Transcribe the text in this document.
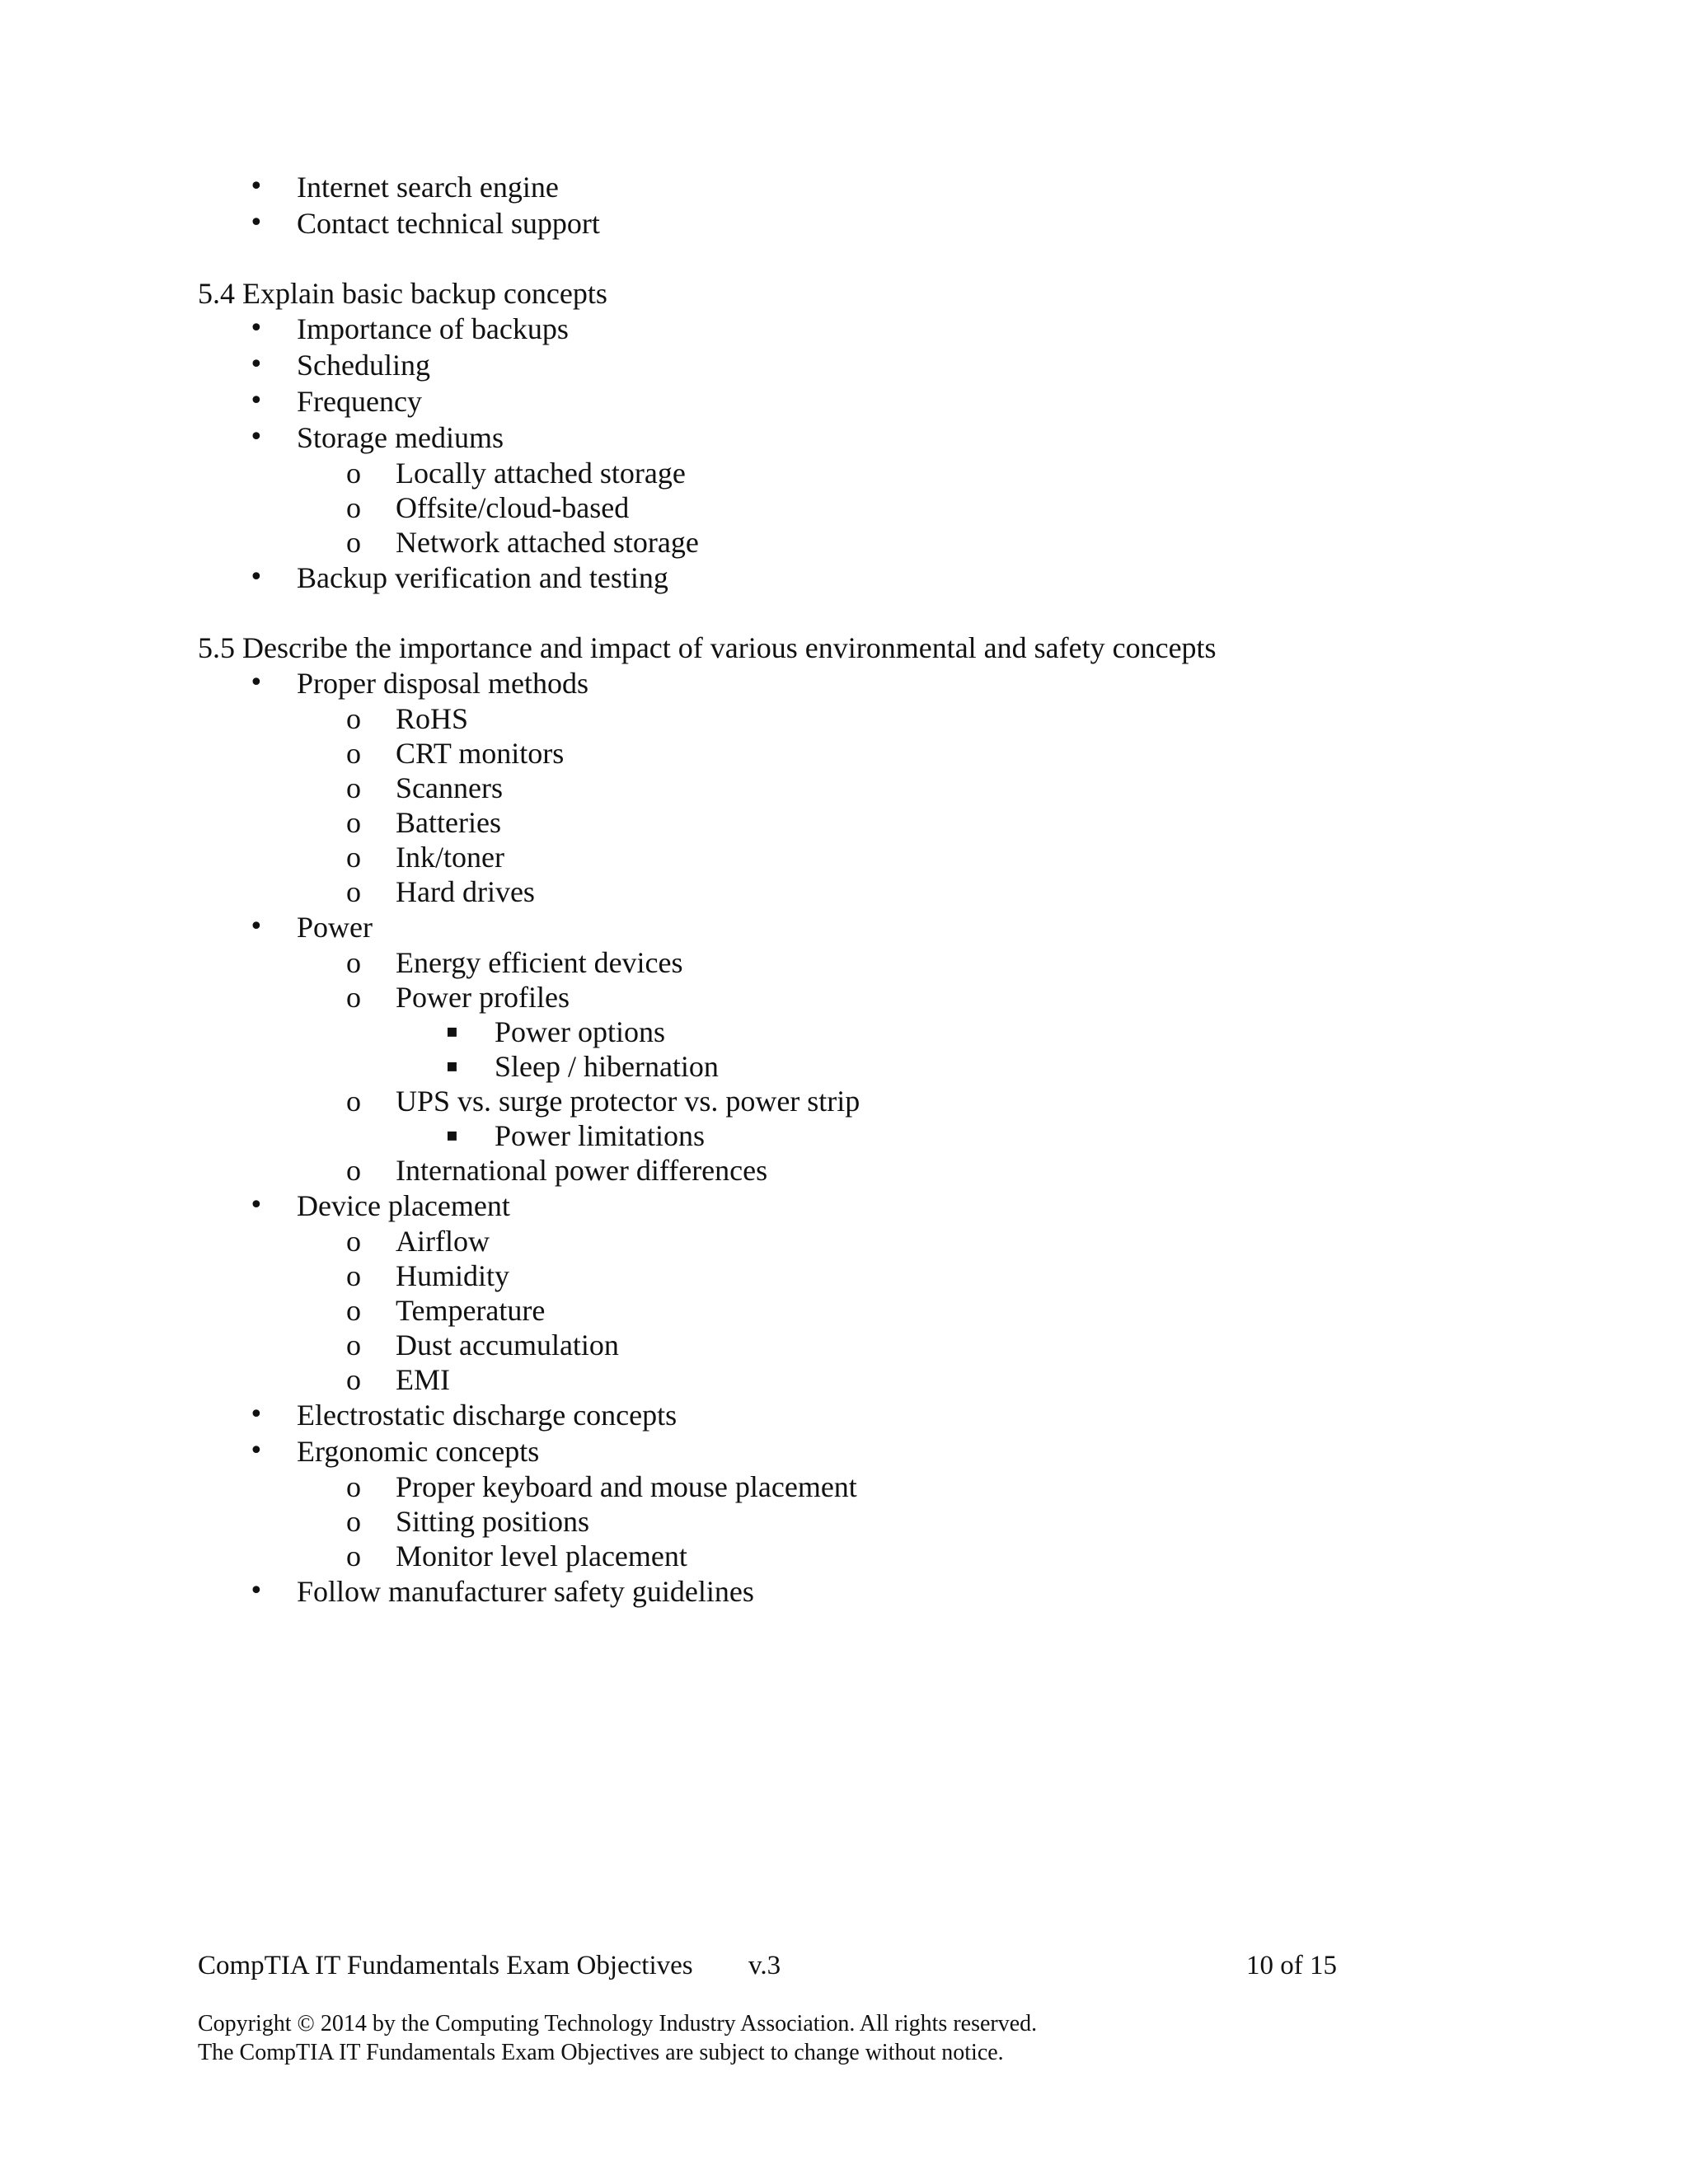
• Internet search engine
• Contact technical support
5.4 Explain basic backup concepts
• Importance of backups
• Scheduling
• Frequency
• Storage mediums
o Locally attached storage
o Offsite/cloud-based
o Network attached storage
• Backup verification and testing
5.5 Describe the importance and impact of various environmental and safety concepts
• Proper disposal methods
o RoHS
o CRT monitors
o Scanners
o Batteries
o Ink/toner
o Hard drives
• Power
o Energy efficient devices
o Power profiles
▪ Power options
▪ Sleep / hibernation
o UPS vs. surge protector vs. power strip
▪ Power limitations
o International power differences
• Device placement
o Airflow
o Humidity
o Temperature
o Dust accumulation
o EMI
• Electrostatic discharge concepts
• Ergonomic concepts
o Proper keyboard and mouse placement
o Sitting positions
o Monitor level placement
• Follow manufacturer safety guidelines
CompTIA IT Fundamentals Exam Objectives v.3	10 of 15
Copyright © 2014 by the Computing Technology Industry Association. All rights reserved.
The CompTIA IT Fundamentals Exam Objectives are subject to change without notice.
